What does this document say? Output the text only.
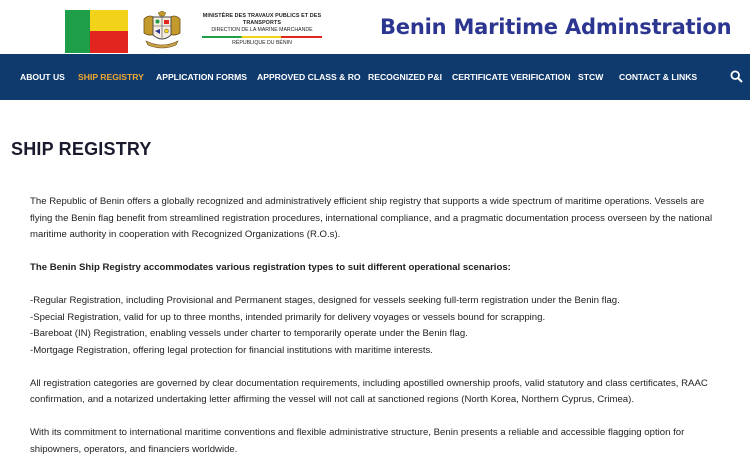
MINISTÈRE DES TRAVAUX PUBLICS ET DES TRANSPORTS
DIRECTION DE LA MARINE MARCHANDE
RÉPUBLIQUE DU BÉNIN
Benin Maritime Adminstration
ABOUT US SHIP REGISTRY APPLICATION FORMS APPROVED CLASS & RO RECOGNIZED P&I CERTIFICATE VERIFICATION STCW CONTACT & LINKS
SHIP REGISTRY

The Republic of Benin offers a globally recognized and administratively efficient ship registry that supports a wide spectrum of maritime operations. Vessels are flying the Benin flag benefit from streamlined registration procedures, international compliance, and a pragmatic documentation process overseen by the national maritime authority in cooperation with Recognized Organizations (R.O.s).

The Benin Ship Registry accommodates various registration types to suit different operational scenarios:

-Regular Registration, including Provisional and Permanent stages, designed for vessels seeking full-term registration under the Benin flag.
-Special Registration, valid for up to three months, intended primarily for delivery voyages or vessels bound for scrapping.
-Bareboat (IN) Registration, enabling vessels under charter to temporarily operate under the Benin flag.
-Mortgage Registration, offering legal protection for financial institutions with maritime interests.

All registration categories are governed by clear documentation requirements, including apostilled ownership proofs, valid statutory and class certificates, RAAC confirmation, and a notarized undertaking letter affirming the vessel will not call at sanctioned regions (North Korea, Northern Cyprus, Crimea).

With its commitment to international maritime conventions and flexible administrative structure, Benin presents a reliable and accessible flagging option for shipowners, operators, and financiers worldwide.
